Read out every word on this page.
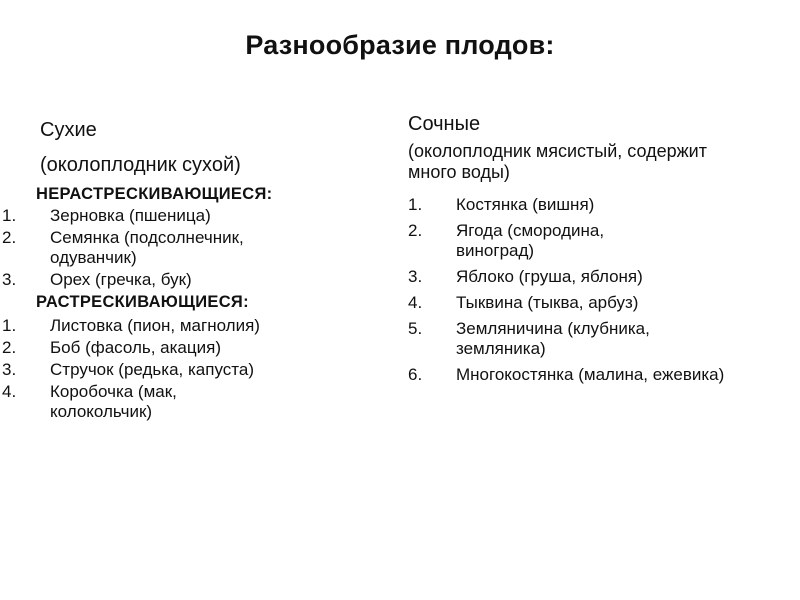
Разнообразие плодов:

Сухие

(околоплодник сухой)

НЕРАСТРЕСКИВАЮЩИЕСЯ:

1.	Зерновка (пшеница)
2.	Семянка (подсолнечник, одуванчик)
3.	Орех (гречка, бук)

РАСТРЕСКИВАЮЩИЕСЯ:

1.	Листовка (пион, магнолия)
2.	Боб (фасоль, акация)
3.	Стручок (редька, капуста)
4.	Коробочка (мак, колокольчик)

Сочные

(околоплодник мясистый, содержит много воды)

1.	Костянка (вишня)
2.	Ягода (смородина, виноград)
3.	Яблоко (груша, яблоня)
4.	Тыквина (тыква, арбуз)
5.	Земляничина (клубника, земляника)
6.	Многокостянка (малина, ежевика)
